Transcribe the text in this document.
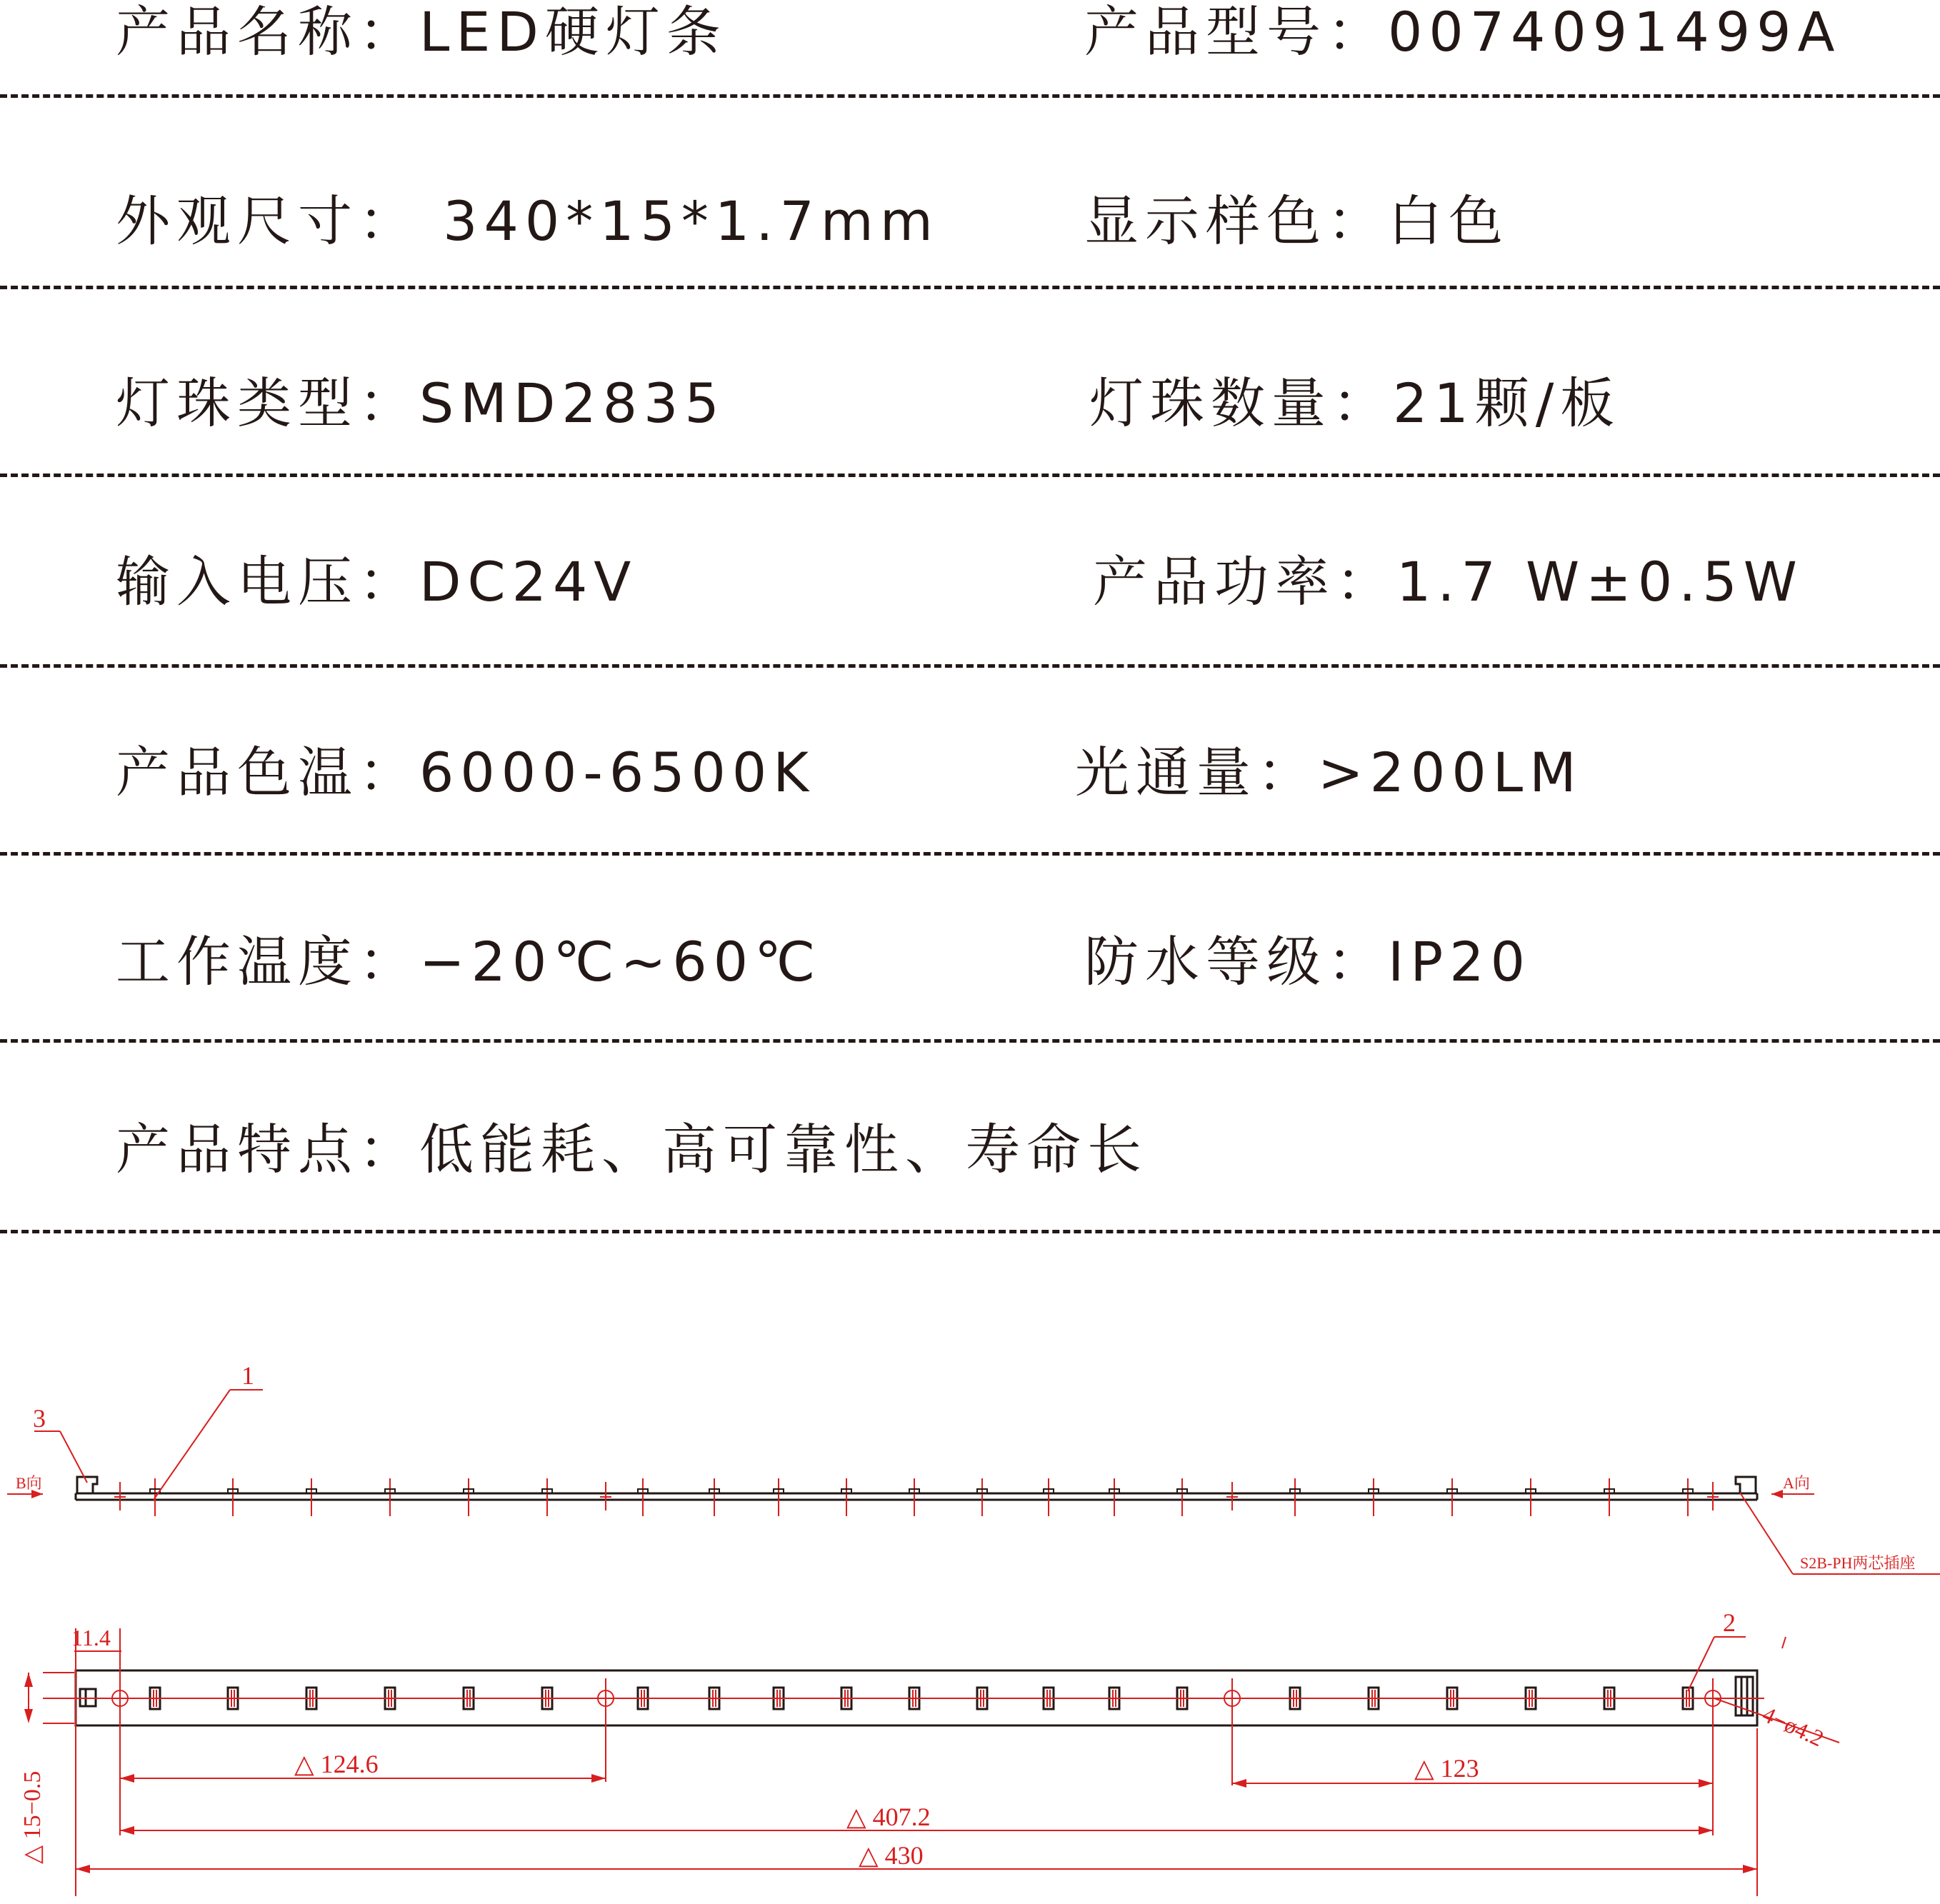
产品名称：LED硬灯条	产品型号：0074091499A
外观尺寸： 340*15*1.7mm	显示样色：白色
灯珠类型：SMD2835	灯珠数量：21颗/板
输入电压：DC24V	产品功率：1.7 W±0.5W
产品色温：6000-6500K	光通量：>200LM
工作温度：−20℃~60℃	防水等级：IP20
产品特点：低能耗、高可靠性、寿命长
1
3
2
B向	A向
S2B-PH两芯插座
11.4
△ 15−0.5
△ 124.6	△ 123
△ 407.2
△ 430
4−ø4.2
